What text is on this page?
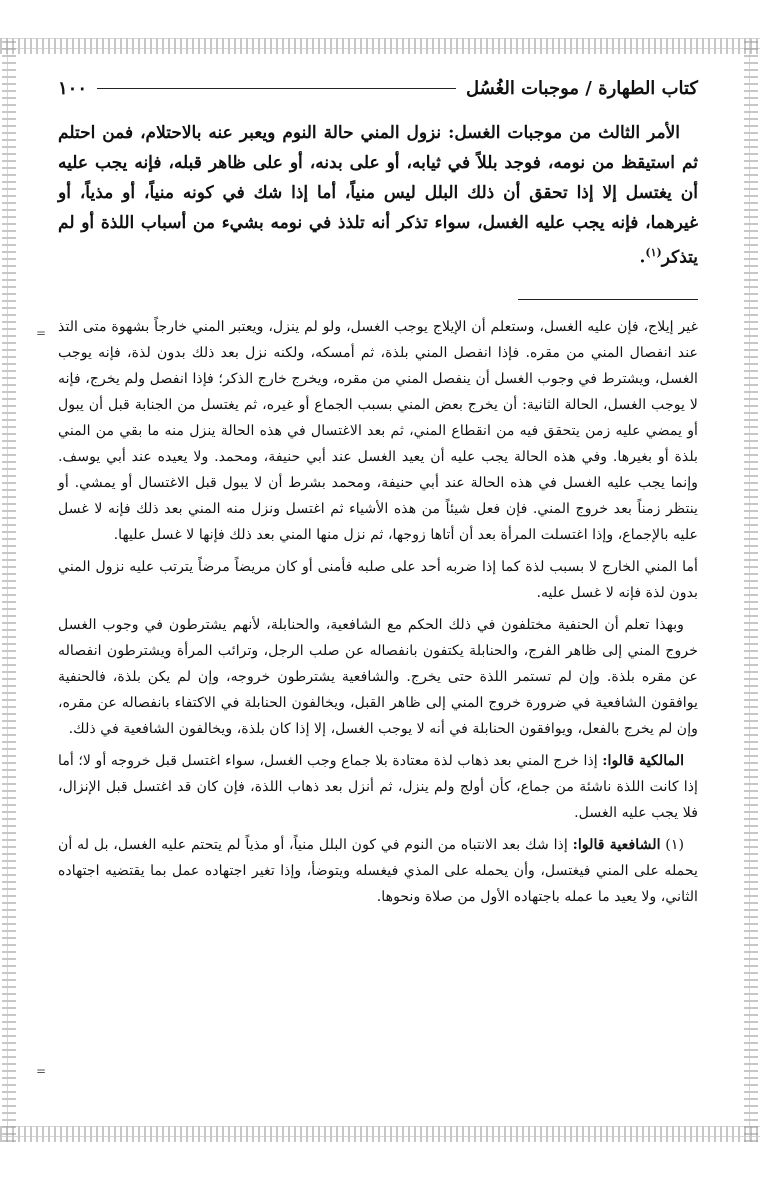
=
=
كتاب الطهارة / موجبات الغُسُل
١٠٠

الأمر الثالث من موجبات الغسل: نزول المني حالة النوم ويعبر عنه بالاحتلام، فمن احتلم ثم استيقظ من نومه، فوجد بللاً في ثيابه، أو على بدنه، أو على ظاهر قبله، فإنه يجب عليه أن يغتسل إلا إذا تحقق أن ذلك البلل ليس منياً، أما إذا شك في كونه منياً، أو مذياً، أو غيرهما، فإنه يجب عليه الغسل، سواء تذكر أنه تلذذ في نومه بشيء من أسباب اللذة أو لم يتذكر$^{(١)}$.

غير إيلاج، فإن عليه الغسل، وستعلم أن الإيلاج يوجب الغسل، ولو لم ينزل، ويعتبر المني خارجاً بشهوة متى التذ عند انفصال المني من مقره. فإذا انفصل المني بلذة، ثم أمسكه، ولكنه نزل بعد ذلك بدون لذة، فإنه يوجب الغسل، ويشترط في وجوب الغسل أن ينفصل المني من مقره، ويخرج خارج الذكر؛ فإذا انفصل ولم يخرج، فإنه لا يوجب الغسل، الحالة الثانية: أن يخرج بعض المني بسبب الجماع أو غيره، ثم يغتسل من الجنابة قبل أن يبول أو يمضي عليه زمن يتحقق فيه من انقطاع المني، ثم بعد الاغتسال في هذه الحالة ينزل منه ما بقي من المني بلذة أو بغيرها. وفي هذه الحالة يجب عليه أن يعيد الغسل عند أبي حنيفة، ومحمد. ولا يعيده عند أبي يوسف. وإنما يجب عليه الغسل في هذه الحالة عند أبي حنيفة، ومحمد بشرط أن لا يبول قبل الاغتسال أو يمشي. أو ينتظر زمناً بعد خروج المني. فإن فعل شيئاً من هذه الأشياء ثم اغتسل ونزل منه المني بعد ذلك فإنه لا غسل عليه بالإجماع، وإذا اغتسلت المرأة بعد أن أتاها زوجها، ثم نزل منها المني بعد ذلك فإنها لا غسل عليها.

أما المني الخارج لا بسبب لذة كما إذا ضربه أحد على صلبه فأمنى أو كان مريضاً مرضاً يترتب عليه نزول المني بدون لذة فإنه لا غسل عليه.

وبهذا تعلم أن الحنفية مختلفون في ذلك الحكم مع الشافعية، والحنابلة، لأنهم يشترطون في وجوب الغسل خروج المني إلى ظاهر الفرج، والحنابلة يكتفون بانفصاله عن صلب الرجل، وترائب المرأة ويشترطون انفصاله عن مقره بلذة. وإن لم تستمر اللذة حتى يخرج. والشافعية يشترطون خروجه، وإن لم يكن بلذة، فالحنفية يوافقون الشافعية في ضرورة خروج المني إلى ظاهر القبل، ويخالفون الحنابلة في الاكتفاء بانفصاله عن مقره، وإن لم يخرج بالفعل، ويوافقون الحنابلة في أنه لا يوجب الغسل، إلا إذا كان بلذة، ويخالفون الشافعية في ذلك.

المالكية قالوا: إذا خرج المني بعد ذهاب لذة معتادة بلا جماع وجب الغسل، سواء اغتسل قبل خروجه أو لا؛ أما إذا كانت اللذة ناشئة من جماع، كأن أولج ولم ينزل، ثم أنزل بعد ذهاب اللذة، فإن كان قد اغتسل قبل الإنزال، فلا يجب عليه الغسل.

(١) الشافعية قالوا: إذا شك بعد الانتباه من النوم في كون البلل منياً، أو مذياً لم يتحتم عليه الغسل، بل له أن يحمله على المني فيغتسل، وأن يحمله على المذي فيغسله ويتوضأ، وإذا تغير اجتهاده عمل بما يقتضيه اجتهاده الثاني، ولا يعيد ما عمله باجتهاده الأول من صلاة ونحوها.
